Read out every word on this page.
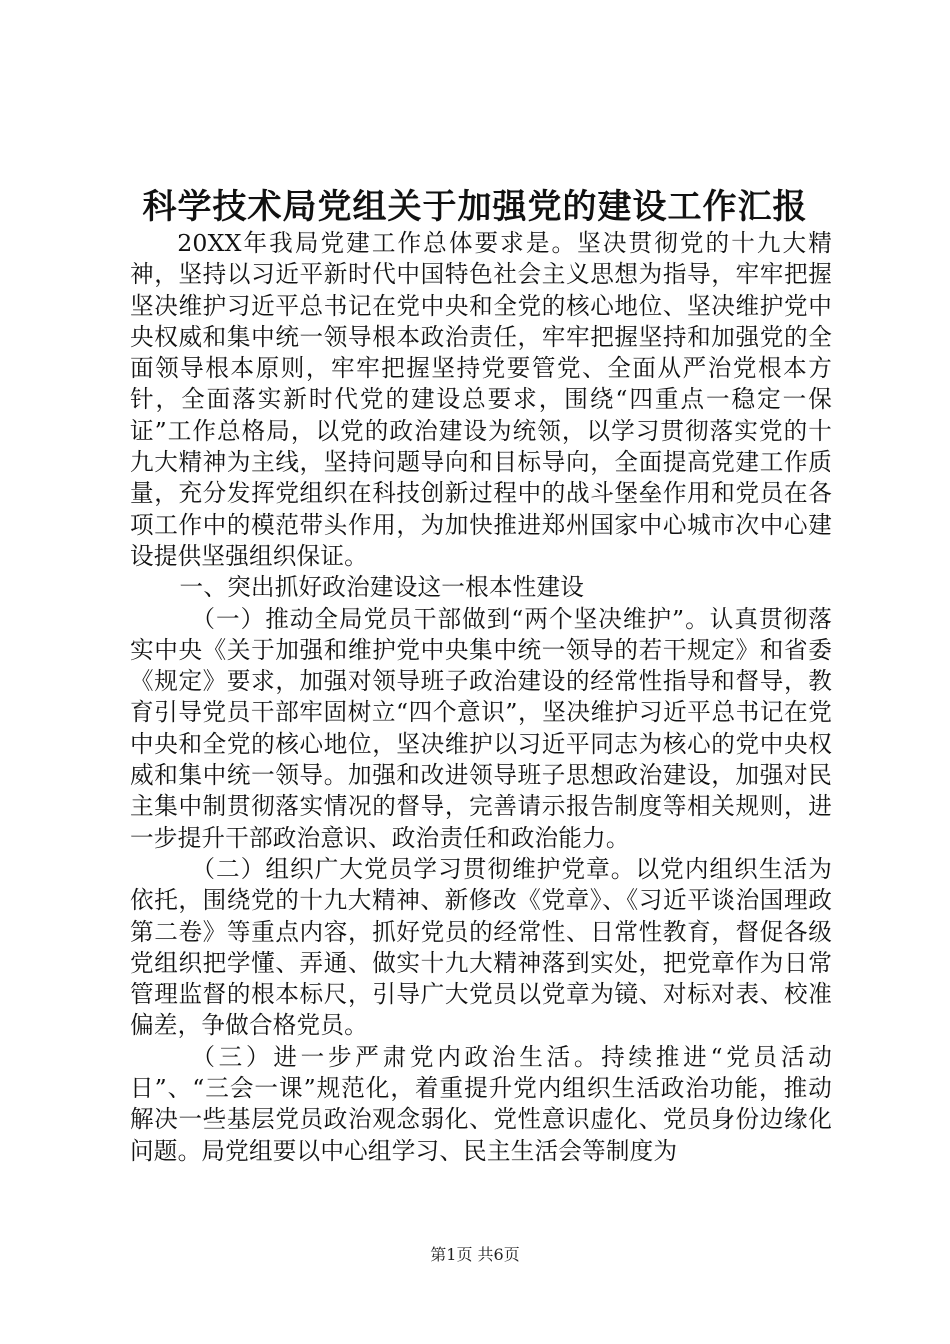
科学技术局党组关于加强党的建设工作汇报

20XX年我局党建工作总体要求是。坚决贯彻党的十九大精神，坚持以习近平新时代中国特色社会主义思想为指导，牢牢把握坚决维护习近平总书记在党中央和全党的核心地位、坚决维护党中央权威和集中统一领导根本政治责任，牢牢把握坚持和加强党的全面领导根本原则，牢牢把握坚持党要管党、全面从严治党根本方针，全面落实新时代党的建设总要求，围绕“四重点一稳定一保证”工作总格局，以党的政治建设为统领，以学习贯彻落实党的十九大精神为主线，坚持问题导向和目标导向，全面提高党建工作质量，充分发挥党组织在科技创新过程中的战斗堡垒作用和党员在各项工作中的模范带头作用，为加快推进郑州国家中心城市次中心建设提供坚强组织保证。

一、突出抓好政治建设这一根本性建设

（一）推动全局党员干部做到“两个坚决维护”。认真贯彻落实中央《关于加强和维护党中央集中统一领导的若干规定》和省委《规定》要求，加强对领导班子政治建设的经常性指导和督导，教育引导党员干部牢固树立“四个意识”，坚决维护习近平总书记在党中央和全党的核心地位，坚决维护以习近平同志为核心的党中央权威和集中统一领导。加强和改进领导班子思想政治建设，加强对民主集中制贯彻落实情况的督导，完善请示报告制度等相关规则，进一步提升干部政治意识、政治责任和政治能力。

（二）组织广大党员学习贯彻维护党章。以党内组织生活为依托，围绕党的十九大精神、新修改《党章》、《习近平谈治国理政第二卷》等重点内容，抓好党员的经常性、日常性教育，督促各级党组织把学懂、弄通、做实十九大精神落到实处，把党章作为日常管理监督的根本标尺，引导广大党员以党章为镜、对标对表、校准偏差，争做合格党员。

（三）进一步严肃党内政治生活。持续推进“党员活动日”、“三会一课”规范化，着重提升党内组织生活政治功能，推动解决一些基层党员政治观念弱化、党性意识虚化、党员身份边缘化问题。局党组要以中心组学习、民主生活会等制度为

第1页 共6页
